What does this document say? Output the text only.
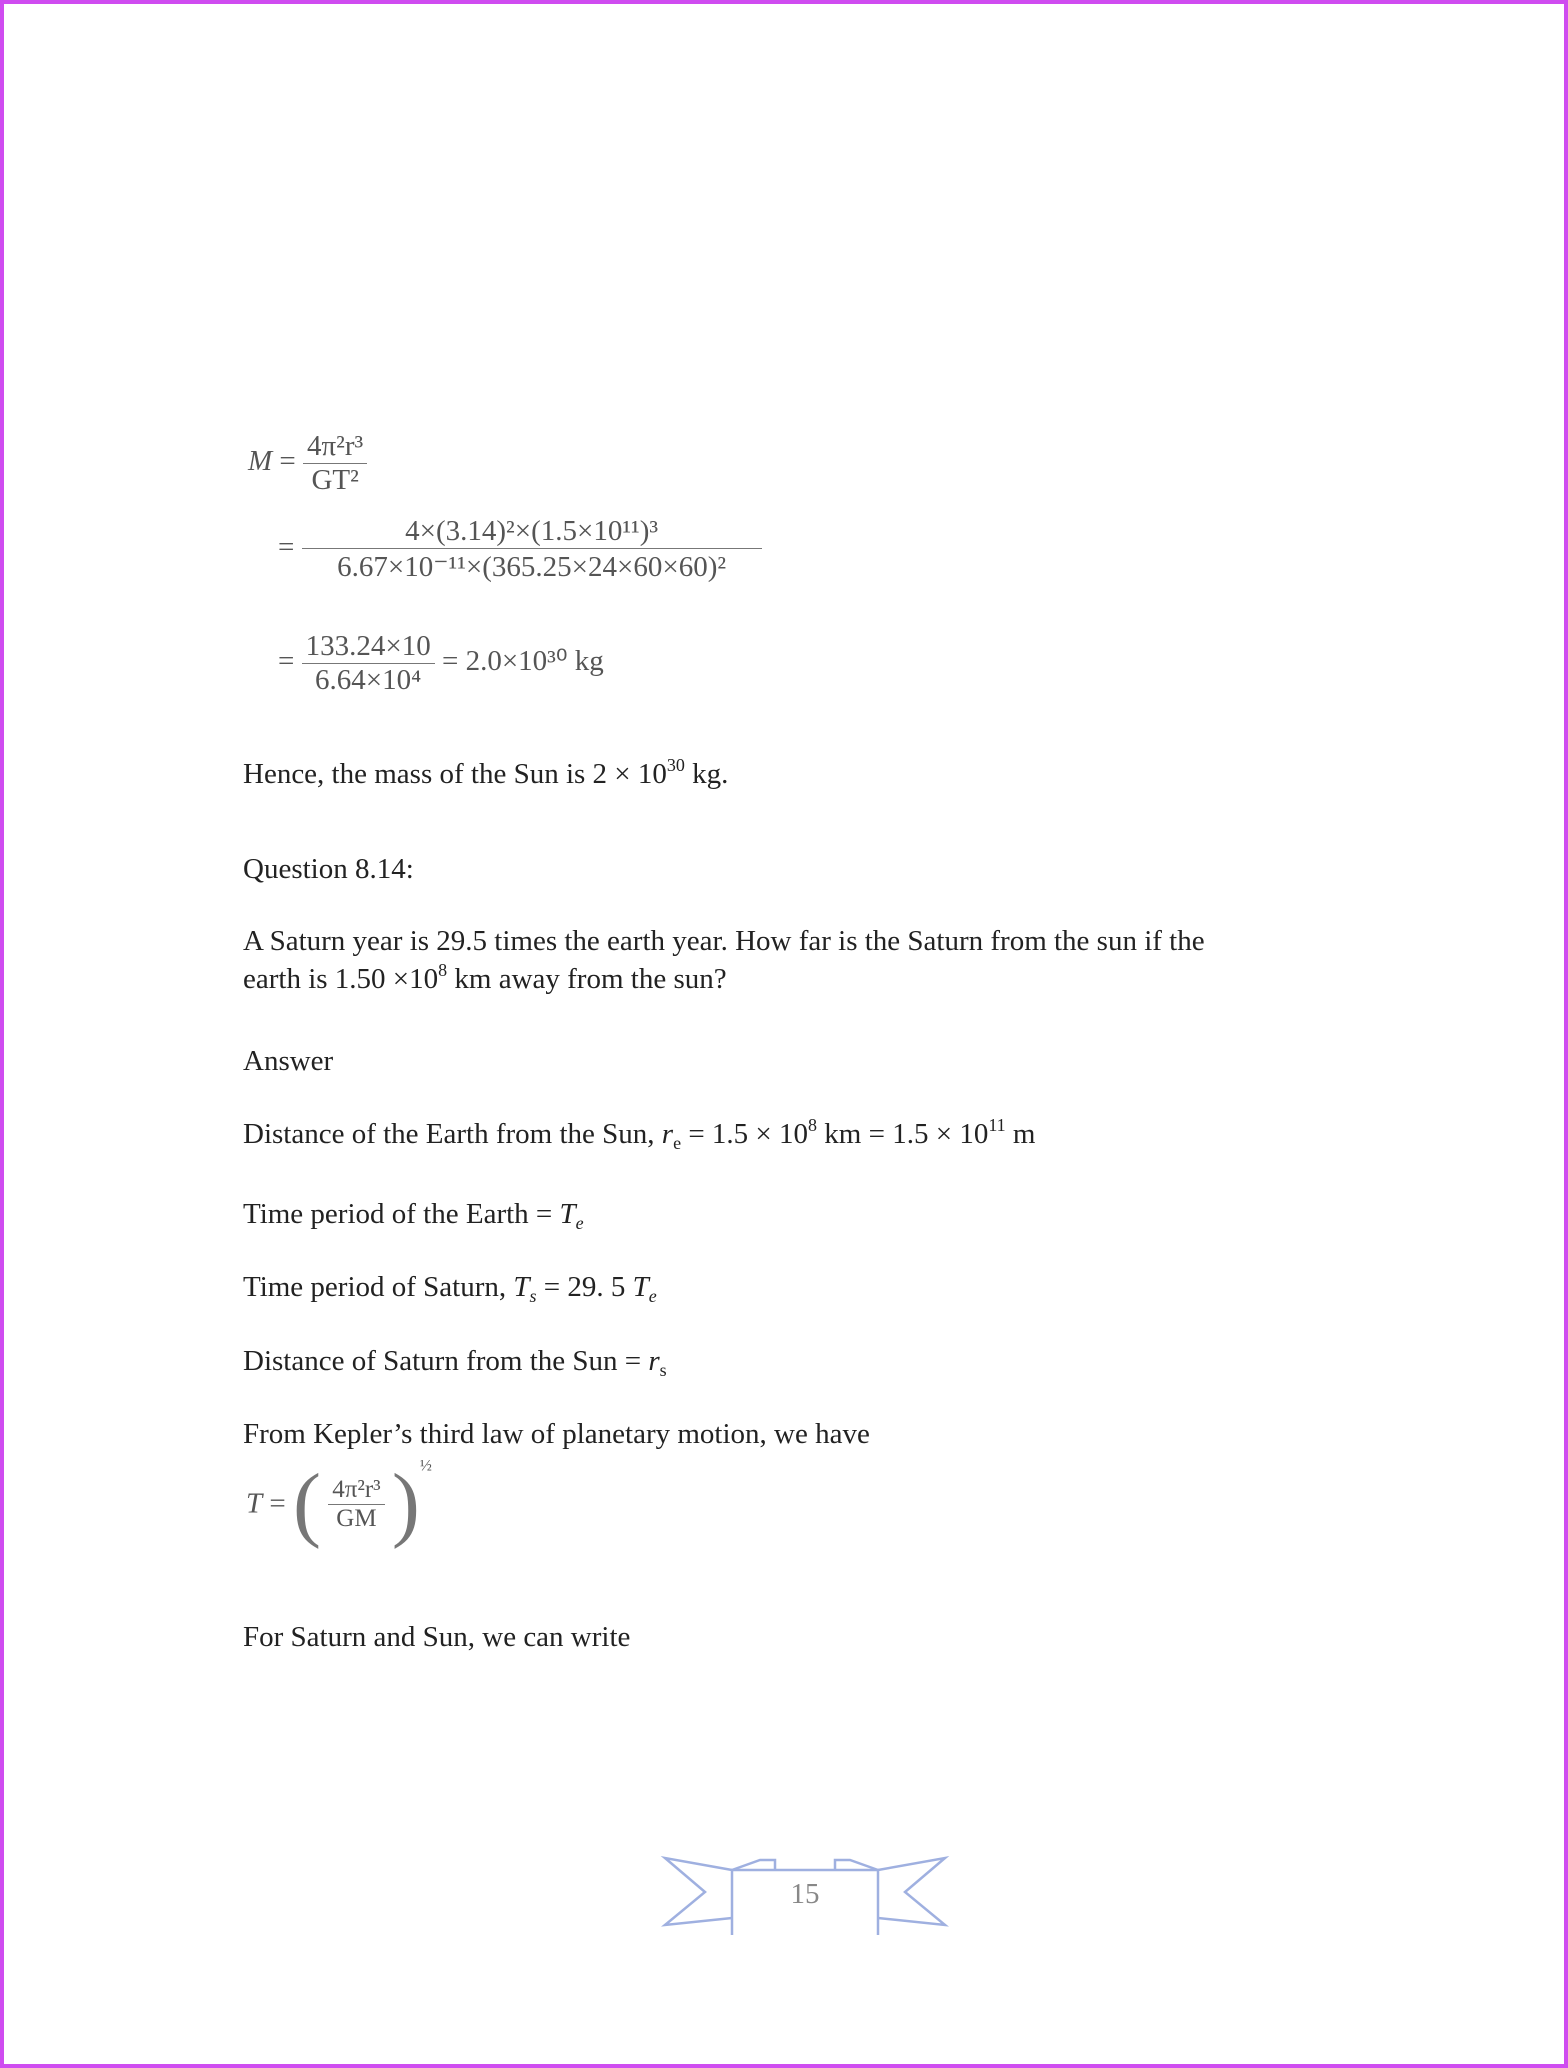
$M = \frac{\text{4π²r³}}{\text{GT²}}$
= $\frac{\text{4×(3.14)²×(1.5×10¹¹)³}}{\text{6.67×10⁻¹¹×(365.25×24×60×60)²}}$
= $\frac{133.24\times 10}{\text{6.64×10⁴}} = 2.0\times 10^{30}$ kg
Hence, the mass of the Sun is $2 \times 10^{30}$ kg.
Question 8.14:
A Saturn year is 29.5 times the earth year. How far is the Saturn from the sun if the
earth is $1.50 \times 10^8$ km away from the sun?
Answer
Distance of the Earth from the Sun, $r_e = 1.5 \times 10^8$ km = $1.5 \times 10^{11}$ m
Time period of the Earth = $T_e$
Time period of Saturn, $T_s = 29$. 5 $T_e$
Distance of Saturn from the Sun = $r_s$
From Kepler’s third law of planetary motion, we have
T = ( $\frac{\text{4π²r³}}{GM} )^{\frac{1}{2}}$
For Saturn and Sun, we can write
15
